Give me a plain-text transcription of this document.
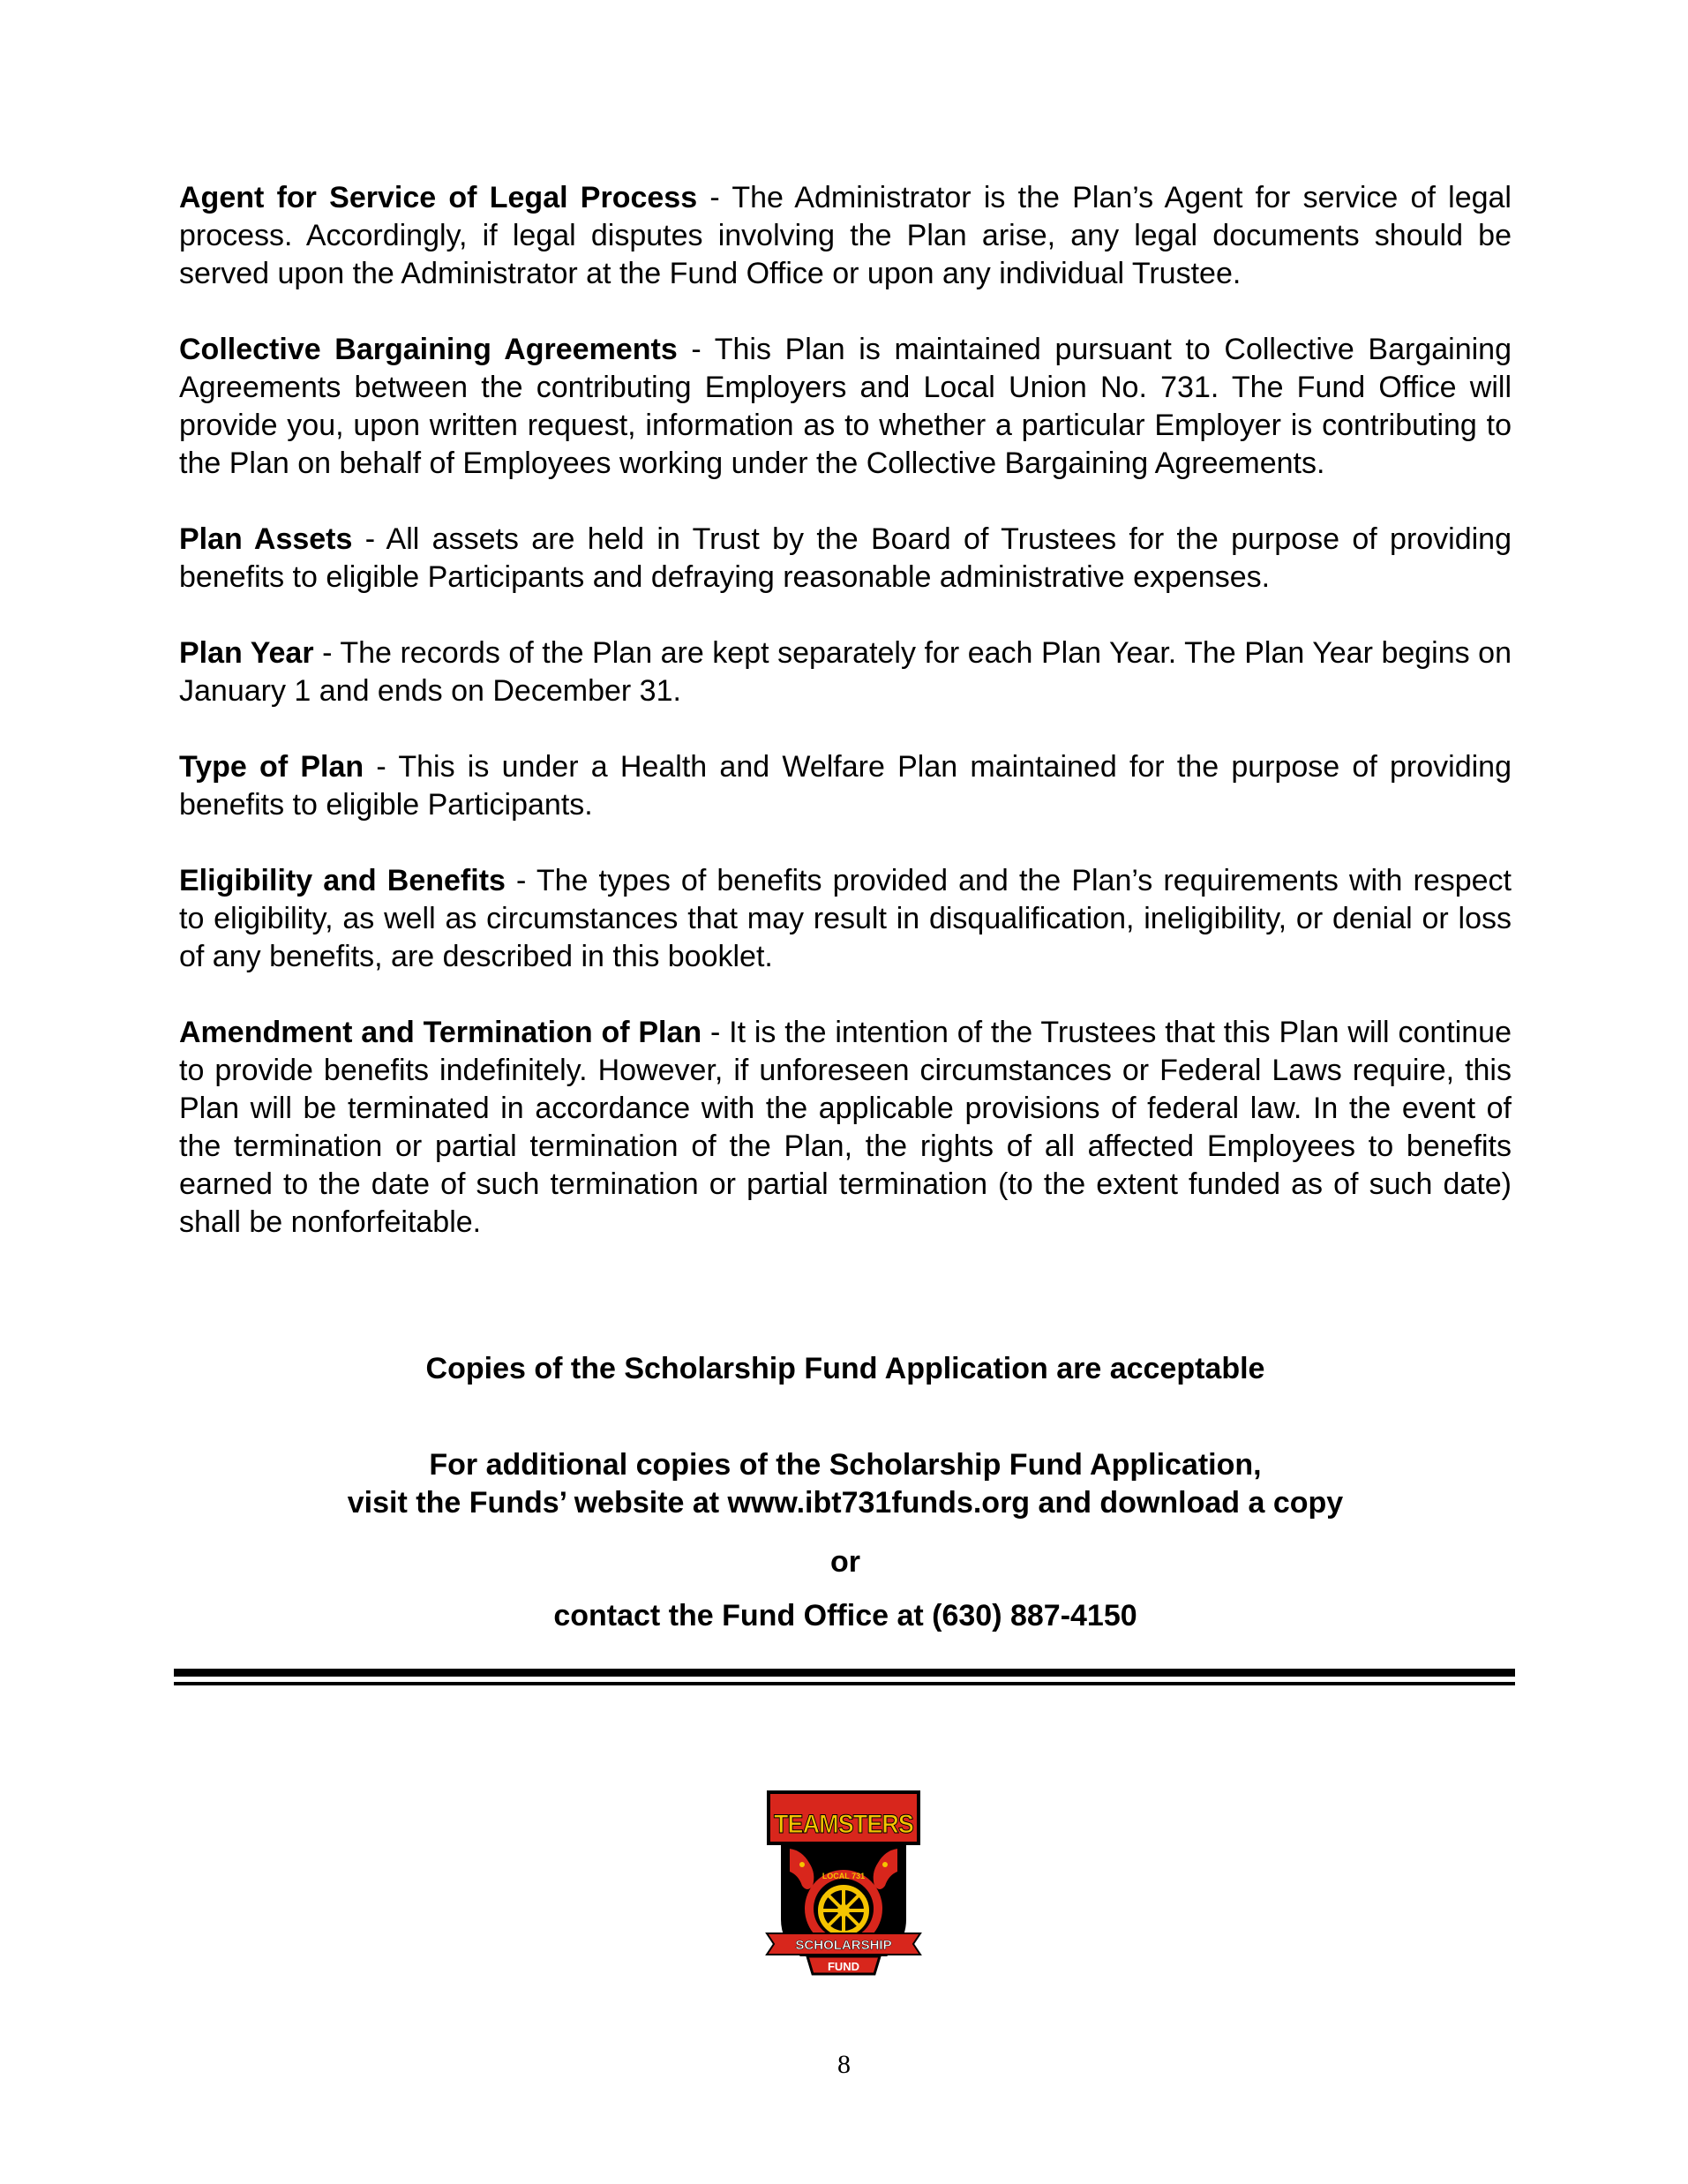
Agent for Service of Legal Process - The Administrator is the Plan’s Agent for service of legal process. Accordingly, if legal disputes involving the Plan arise, any legal documents should be served upon the Administrator at the Fund Office or upon any individual Trustee.

Collective Bargaining Agreements - This Plan is maintained pursuant to Collective Bargaining Agreements between the contributing Employers and Local Union No. 731. The Fund Office will provide you, upon written request, information as to whether a particular Employer is contributing to the Plan on behalf of Employees working under the Collective Bargaining Agreements.

Plan Assets - All assets are held in Trust by the Board of Trustees for the purpose of providing benefits to eligible Participants and defraying reasonable administrative expenses.

Plan Year - The records of the Plan are kept separately for each Plan Year. The Plan Year begins on January 1 and ends on December 31.

Type of Plan - This is under a Health and Welfare Plan maintained for the purpose of providing benefits to eligible Participants.

Eligibility and Benefits - The types of benefits provided and the Plan’s requirements with respect to eligibility, as well as circumstances that may result in disqualification, ineligibility, or denial or loss of any benefits, are described in this booklet.

Amendment and Termination of Plan - It is the intention of the Trustees that this Plan will continue to provide benefits indefinitely. However, if unforeseen circumstances or Federal Laws require, this Plan will be terminated in accordance with the applicable provisions of federal law. In the event of the termination or partial termination of the Plan, the rights of all affected Employees to benefits earned to the date of such termination or partial termination (to the extent funded as of such date) shall be nonforfeitable.

Copies of the Scholarship Fund Application are acceptable
For additional copies of the Scholarship Fund Application,
visit the Funds’ website at www.ibt731funds.org and download a copy
or
contact the Fund Office at (630) 887-4150
TEAMSTERS
LOCAL 731
SCHOLARSHIP
FUND
8
